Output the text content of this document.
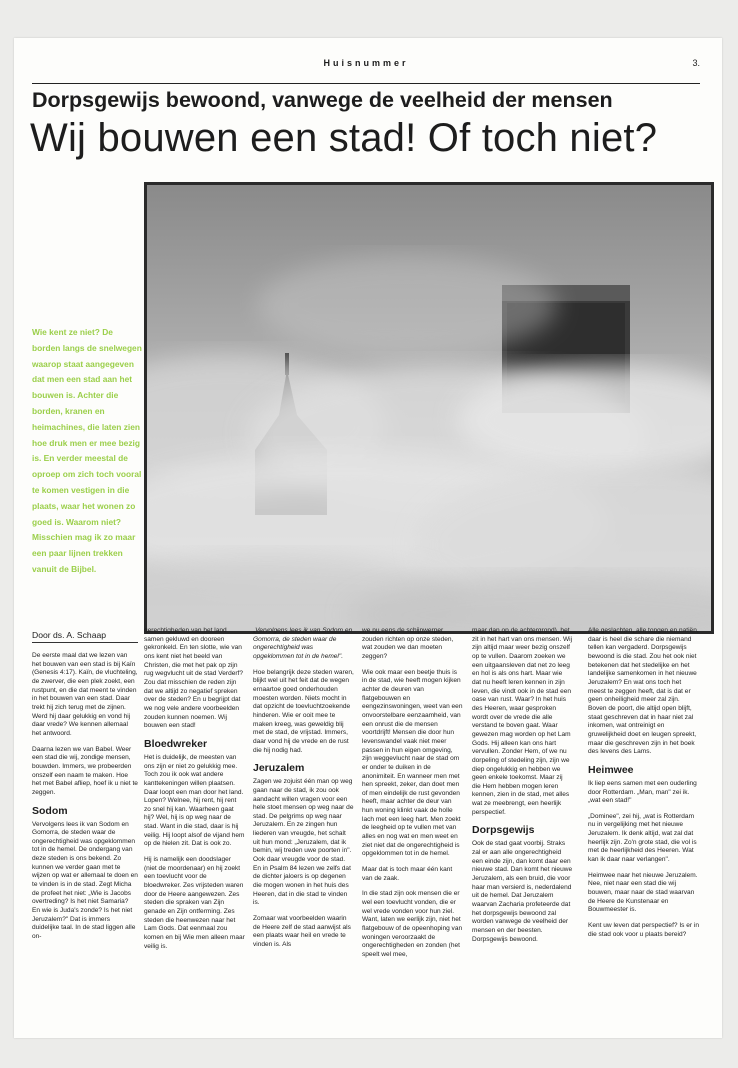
Huisnummer	3.
Dorpsgewijs bewoond, vanwege de veelheid der mensen
Wij bouwen een stad! Of toch niet?
Wie kent ze niet? De borden langs de snelwegen waarop staat aangegeven dat men een stad aan het bouwen is. Achter die borden, kranen en heimachines, die laten zien hoe druk men er mee bezig is. En verder meestal de oproep om zich toch vooral te komen vestigen in die plaats, waar het wonen zo goed is. Waarom niet? Misschien mag ik zo maar een paar lijnen trekken vanuit de Bijbel.
Door ds. A. Schaap

De eerste maal dat we lezen van het bouwen van een stad is bij Kaïn (Genesis 4:17). Kaïn, de vluchteling, de zwerver, die een plek zoekt, een rustpunt, en die dat meent te vinden in het bouwen van een stad. Daar trekt hij zich terug met de zijnen. Werd hij daar gelukkig en vond hij daar vrede? We kennen allemaal het antwoord.

Daarna lezen we van Babel. Weer een stad die wij, zondige mensen, bouwden. Immers, we probeerden onszelf een naam te maken. Hoe het met Babel afliep, hoef ik u niet te zeggen.

Sodom

Vervolgens lees ik van Sodom en Gomorra, de steden waar de ongerechtigheid was opgeklommen tot in de hemel. De ondergang van deze steden is ons bekend. Zo kunnen we verder gaan met te wijzen op wat er allemaal te doen en te vinden is in de stad. Zegt Micha de profeet het niet: „Wie is Jacobs overtreding? Is het niet Samaria? En wie is Juda's zonde? Is het niet Jeruzalem?" Dat is immers duidelijke taal. In de stad liggen alle on-

gerechtigheden van het land samen gekluwd en dooreen gekronkeld. En ten slotte, wie van ons kent niet het beeld van Christen, die met het pak op zijn rug wegvlucht uit de stad Verderf? Zou dat misschien de reden zijn dat we altijd zo negatief spreken over de steden? En u begrijpt dat we nog vele andere voorbeelden zouden kunnen noemen. Wij bouwen een stad!

Bloedwreker

Het is duidelijk, de meesten van ons zijn er niet zo gelukkig mee. Toch zou ik ook wat andere kanttekeningen willen plaatsen. Daar loopt een man door het land. Lopen? Welnee, hij rent, hij rent zo snel hij kan. Waarheen gaat hij? Wel, hij is op weg naar de stad. Want in die stad, daar is hij veilig. Hij loopt alsof de vijand hem op de hielen zit. Dat is ook zo.

Hij is namelijk een doodslager (niet de moordenaar) en hij zoekt een toevlucht voor de bloedwreker. Zes vrijsteden waren door de Heere aangewezen. Zes steden die spraken van Zijn genade en Zijn ontferming. Zes steden die heenwezen naar het Lam Gods. Dat eenmaal zou komen en bij Wie men alleen maar veilig is.

„Vervolgens lees ik van Sodom en Gomorra, de steden waar de ongerechtigheid was opgeklommen tot in de hemel".

Hoe belangrijk deze steden waren, blijkt wel uit het feit dat de wegen ernaartoe goed onderhouden moesten worden. Niets mocht in dat opzicht de toevluchtzoekende hinderen. Wie er ooit mee te maken kreeg, was geweldig blij met de stad, de vrijstad. Immers, daar vond hij de vrede en de rust die hij nodig had.

Jeruzalem

Zagen we zojuist één man op weg gaan naar de stad, ik zou ook aandacht willen vragen voor een hele stoet mensen op weg naar de stad. De pelgrims op weg naar Jeruzalem. En ze zingen hun liederen van vreugde, het schalt uit hun mond: „Jeruzalem, dat ik bemin, wij treden uwe poorten in". Ook daar vreugde voor de stad. En in Psalm 84 lezen we zelfs dat de dichter jaloers is op degenen die mogen wonen in het huis des Heeren, dat in die stad te vinden is.

Zomaar wat voorbeelden waarin de Heere zelf de stad aanwijst als een plaats waar heil en vrede te vinden is. Als

we nu eens de schijnwerper zouden richten op onze steden, wat zouden we dan moeten zeggen?

Wie ook maar een beetje thuis is in de stad, wie heeft mogen kijken achter de deuren van flatgebouwen en eengezinswoningen, weet van een onvoorstelbare eenzaamheid, van een onrust die de mensen voortdrijft! Mensen die door hun levenswandel vaak niet meer passen in hun eigen omgeving, zijn weggevlucht naar de stad om er onder te duiken in de anonimiteit. En wanneer men met hen spreekt, zeker, dan doet men of men eindelijk de rust gevonden heeft, maar achter de deur van hun woning klinkt vaak de holle lach met een leeg hart. Men zoekt de leegheid op te vullen met van alles en nog wat en men weet en ziet niet dat de ongerechtigheid is opgeklommen tot in de hemel.

Maar dat is toch maar één kant van de zaak.

In die stad zijn ook mensen die er wel een toevlucht vonden, die er wel vrede vonden voor hun ziel. Want, laten we eerlijk zijn, niet het flatgebouw of de opeenhoping van woningen veroorzaakt de ongerechtigheden en zonden (het speelt wel mee,

maar dan op de achtergrond), het zit in het hart van ons mensen. Wij zijn altijd maar weer bezig onszelf op te vullen. Daarom zoeken we een uitgaansleven dat net zo leeg en hol is als ons hart. Maar wie dat nu heeft leren kennen in zijn leven, die vindt ook in de stad een oase van rust. Waar? In het huis des Heeren, waar gesproken wordt over de vrede die alle verstand te boven gaat. Waar gewezen mag worden op het Lam Gods. Hij alleen kan ons hart vervullen. Zonder Hem, of we nu dorpeling of stedeling zijn, zijn we diep ongelukkig en hebben we geen enkele toekomst. Maar zij die Hem hebben mogen leren kennen, zien in de stad, met alles wat ze meebrengt, een heerlijk perspectief.

Dorpsgewijs

Ook de stad gaat voorbij. Straks zal er aan alle ongerechtigheid een einde zijn, dan komt daar een nieuwe stad. Dan komt het nieuwe Jeruzalem, als een bruid, die voor haar man versierd is, nederdalend uit de hemel. Dat Jeruzalem waarvan Zacharia profeteerde dat het dorpsgewijs bewoond zal worden vanwege de veelheid der mensen en der beesten. Dorpsgewijs bewoond.

Alle geslachten, alle tongen en natiën, daar is heel die schare die niemand tellen kan vergaderd. Dorpsgewijs bewoond is die stad. Zou het ook niet betekenen dat het stedelijke en het landelijke samenkomen in het nieuwe Jeruzalem? En wat ons toch het meest te zeggen heeft, dat is dat er geen onheiligheid meer zal zijn. Boven de poort, die altijd open blijft, staat geschreven dat in haar niet zal inkomen, wat ontreinigt en gruwelijkheid doet en leugen spreekt, maar die geschreven zijn in het boek des levens des Lams.

Heimwee

Ik liep eens samen met een ouderling door Rotterdam. „Man, man" zei ik. „wat een stad!"

„Dominee", zei hij, „wat is Rotterdam nu in vergelijking met het nieuwe Jeruzalem. Ik denk altijd, wat zal dat heerlijk zijn. Zo'n grote stad, die vol is met de heerlijkheid des Heeren. Wat kan ik daar naar verlangen".

Heimwee naar het nieuwe Jeruzalem. Nee, niet naar een stad die wij bouwen, maar naar de stad waarvan de Heere de Kunstenaar en Bouwmeester is.

Kent uw leven dat perspectief? Is er in die stad ook voor u plaats bereid?
